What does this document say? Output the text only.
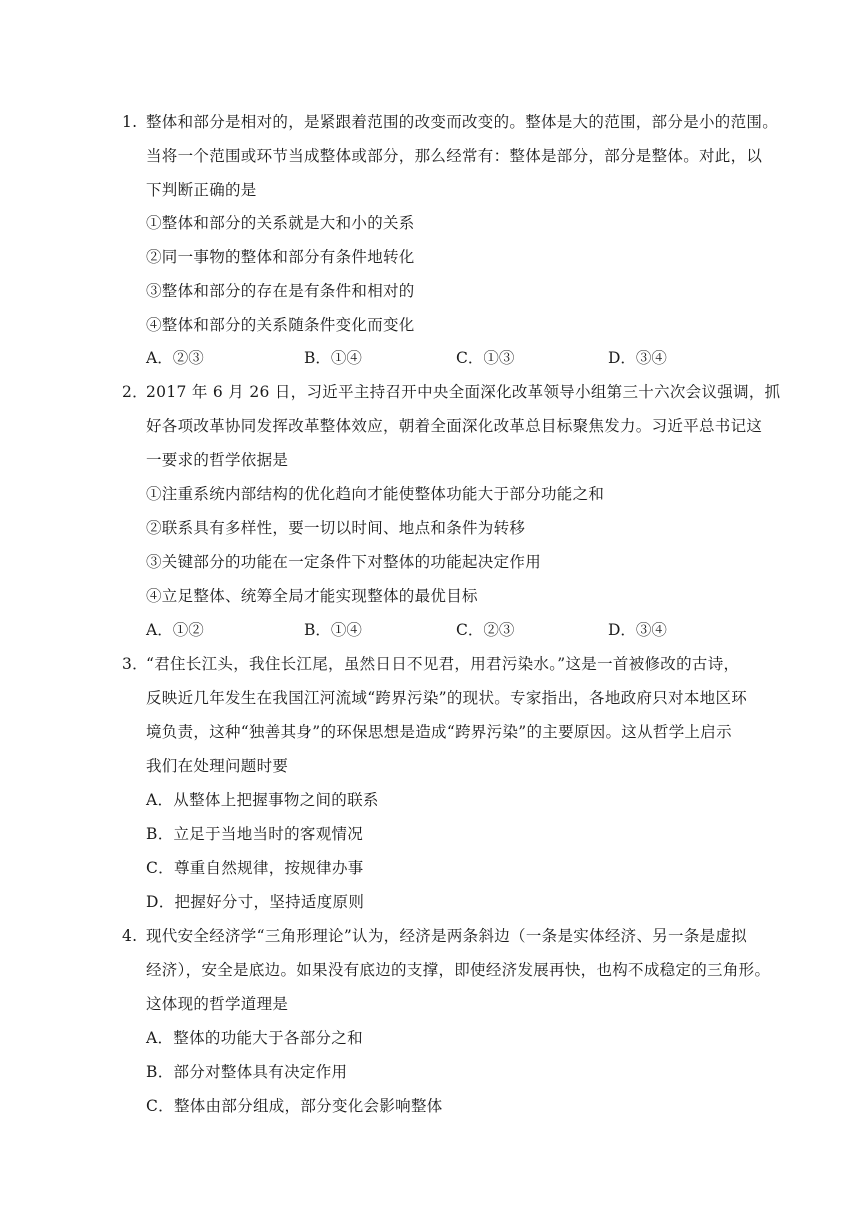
1. 整体和部分是相对的，是紧跟着范围的改变而改变的。整体是大的范围，部分是小的范围。
当将一个范围或环节当成整体或部分，那么经常有：整体是部分，部分是整体。对此，以
下判断正确的是
①整体和部分的关系就是大和小的关系
②同一事物的整体和部分有条件地转化
③整体和部分的存在是有条件和相对的
④整体和部分的关系随条件变化而变化
A．②③	B．①④	C．①③	D．③④
2．
2017 年 6 月 26 日，习近平主持召开中央全面深化改革领导小组第三十六次会议强调，抓
好各项改革协同发挥改革整体效应，朝着全面深化改革总目标聚焦发力。习近平总书记这
一要求的哲学依据是
①注重系统内部结构的优化趋向才能使整体功能大于部分功能之和
②联系具有多样性，要一切以时间、地点和条件为转移
③关键部分的功能在一定条件下对整体的功能起决定作用
④立足整体、统筹全局才能实现整体的最优目标
A．①②	B．①④	C．②③	D．③④
3．
“君住长江头，我住长江尾，虽然日日不见君，用君污染水。”这是一首被修改的古诗，
反映近几年发生在我国江河流域“跨界污染”的现状。专家指出，各地政府只对本地区环
境负责，这种“独善其身”的环保思想是造成“跨界污染”的主要原因。这从哲学上启示
我们在处理问题时要
A．从整体上把握事物之间的联系
B．立足于当地当时的客观情况
C．尊重自然规律，按规律办事
D．把握好分寸，坚持适度原则
4. 现代安全经济学“三角形理论”认为，经济是两条斜边（一条是实体经济、另一条是虚拟
经济），安全是底边。如果没有底边的支撑，即使经济发展再快，也构不成稳定的三角形。
这体现的哲学道理是
A．整体的功能大于各部分之和
B．部分对整体具有决定作用
C．整体由部分组成，部分变化会影响整体
